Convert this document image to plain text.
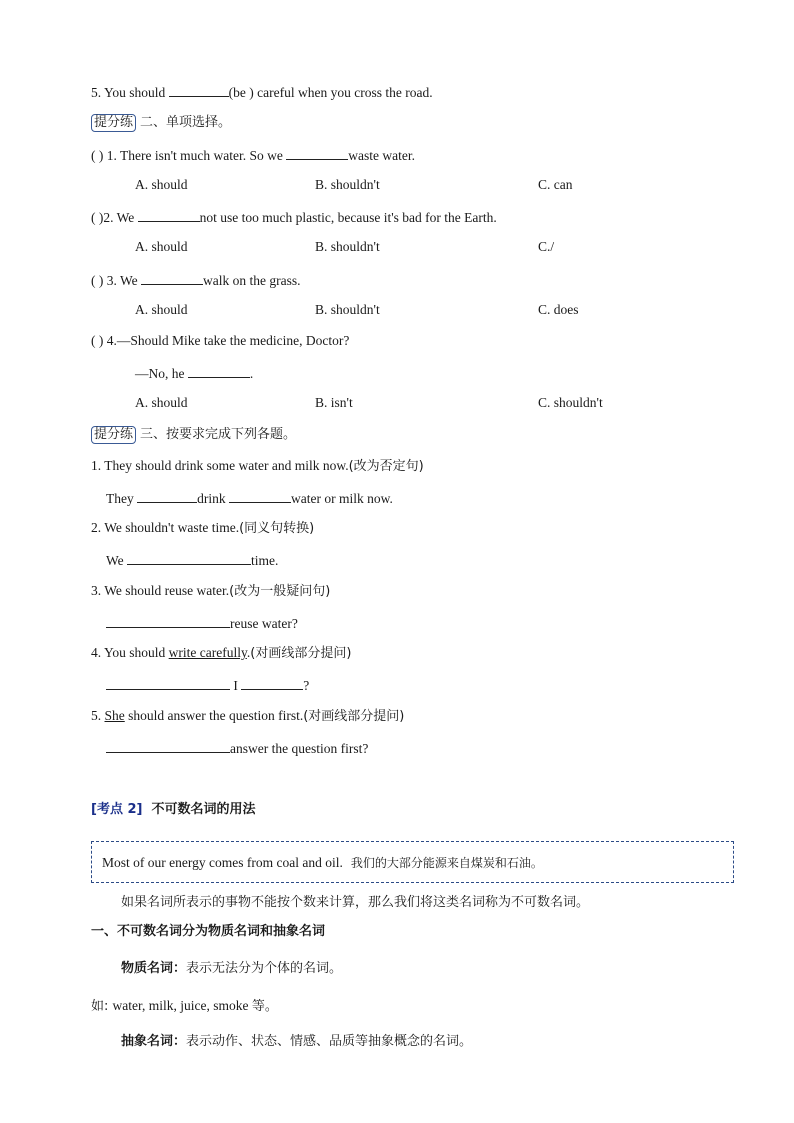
5. You should	(be ) careful when you cross the road.
提分练 二、单项选择。
( ) 1. There isn't much water. So we	waste water.
A. should	B. shouldn't	C. can
( )2. We	not use too much plastic, because it's bad for the Earth.
A. should	B. shouldn't	C./
( ) 3. We	walk on the grass.
A. should	B. shouldn't	C. does
( ) 4.—Should Mike take the medicine, Doctor?
—No, he	.
A. should	B. isn't	C. shouldn't
提分练 三、按要求完成下列各题。
1. They should drink some water and milk now.(改为否定句)
They	drink	water or milk now.
2. We shouldn't waste time.(同义句转换)
We	time.
3. We should reuse water.(改为一般疑问句)
reuse water?
4. You should write carefully.(对画线部分提问)
I	?
5. She should answer the question first.(对画线部分提问)
answer the question first?
[考点 2] 不可数名词的用法
Most of our energy comes from coal and oil. 我们的大部分能源来自煤炭和石油。
如果名词所表示的事物不能按个数来计算，那么我们将这类名词称为不可数名词。
一、不可数名词分为物质名词和抽象名词
物质名词：表示无法分为个体的名词。
如: water, milk, juice, smoke 等。
抽象名词：表示动作、状态、情感、品质等抽象概念的名词。
